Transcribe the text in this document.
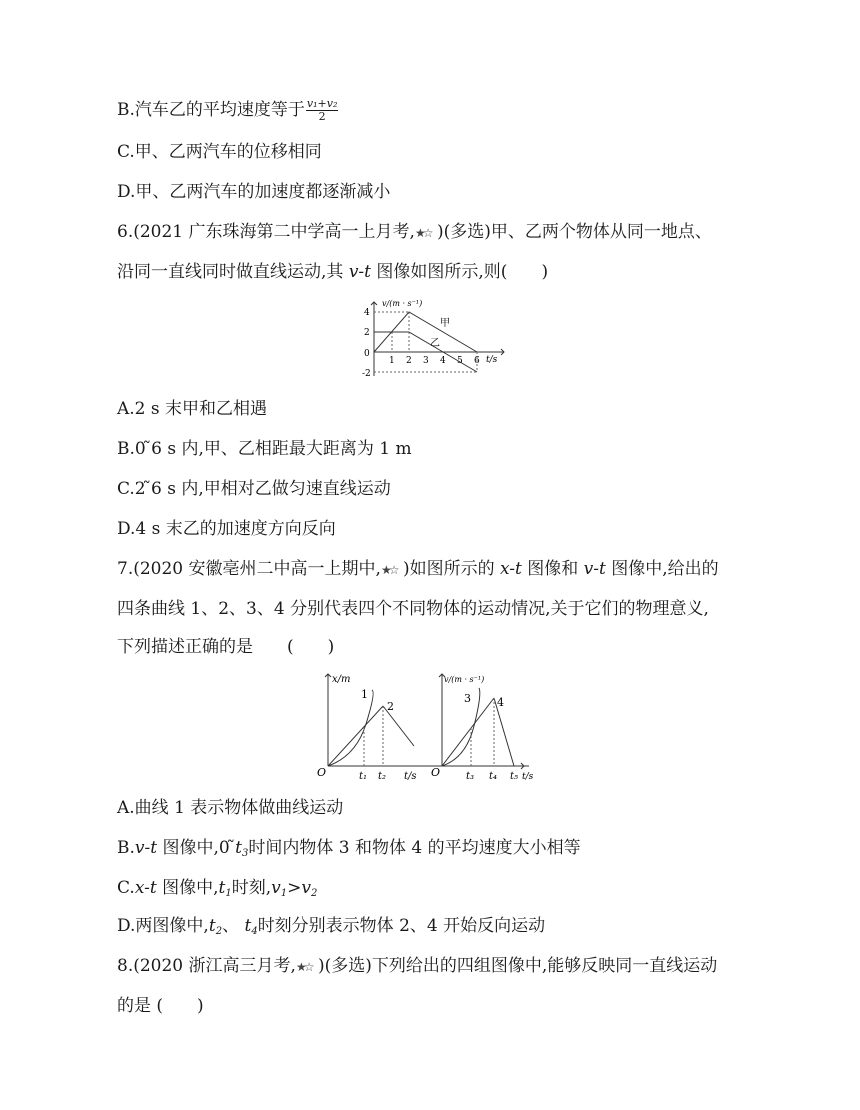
B.汽车乙的平均速度等于 $\frac{\text{v₁+v₂}}{2}$
C.甲、乙两汽车的位移相同
D.甲、乙两汽车的加速度都逐渐减小
6.(2021 广东珠海第二中学高一上月考,★☆ )(多选)甲、乙两个物体从同一地点、
沿同一直线同时做直线运动,其 v-t 图像如图所示,则(　　)
v/(m · s⁻¹)
4
2
0
-2
1 2 3 4 5 6 t/s
甲
乙
A.2 s 末甲和乙相遇
B.0 ̃6 s 内,甲、乙相距最大距离为 1 m
C.2 ̃6 s 内,甲相对乙做匀速直线运动
D.4 s 末乙的加速度方向反向
7.(2020 安徽亳州二中高一上期中,★☆ )如图所示的 x-t 图像和 v-t 图像中,给出的
四条曲线 1、2、3、4 分别代表四个不同物体的运动情况,关于它们的物理意义,
下列描述正确的是　　(　　)
x/m
O	t₁ t₂ t/s
1
2
v/(m · s⁻¹)
O	t₃ t₄ t₅ t/s
3 4
A.曲线 1 表示物体做曲线运动
B.v-t 图像中,0 $̃t_3$时间内物体 3 和物体 4 的平均速度大小相等
C.x-t 图像中$,t_1$时刻$,v_1>v_2$
D.两图像中$,t_2$、 $t_4$时刻分别表示物体 2、4 开始反向运动
8.(2020 浙江高三月考,★☆ )(多选)下列给出的四组图像中,能够反映同一直线运动
的是 (　　)
